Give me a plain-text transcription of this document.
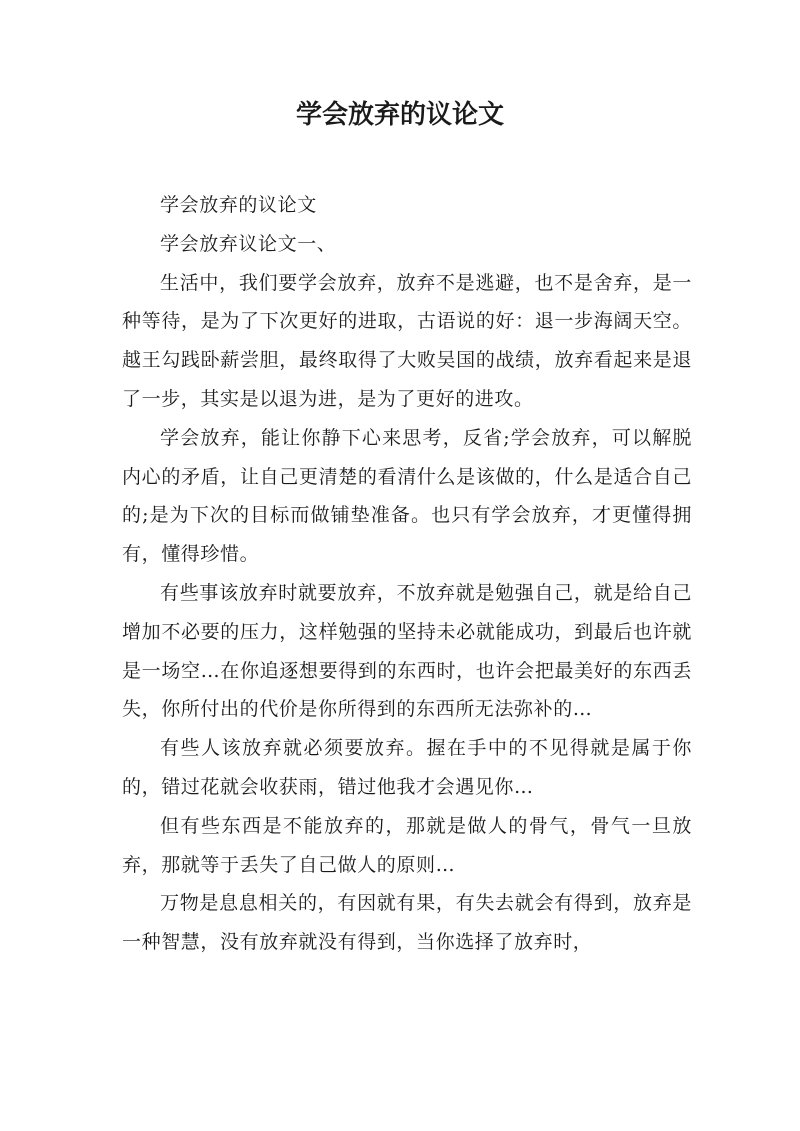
学会放弃的议论文

学会放弃的议论文

学会放弃议论文一、

生活中，我们要学会放弃，放弃不是逃避，也不是舍弃，是一种等待，是为了下次更好的进取，古语说的好：退一步海阔天空。越王勾践卧薪尝胆，最终取得了大败吴国的战绩，放弃看起来是退了一步，其实是以退为进，是为了更好的进攻。

学会放弃，能让你静下心来思考，反省;学会放弃，可以解脱内心的矛盾，让自己更清楚的看清什么是该做的，什么是适合自己的;是为下次的目标而做铺垫准备。也只有学会放弃，才更懂得拥有，懂得珍惜。

有些事该放弃时就要放弃，不放弃就是勉强自己，就是给自己增加不必要的压力，这样勉强的坚持未必就能成功，到最后也许就是一场空…在你追逐想要得到的东西时，也许会把最美好的东西丢失，你所付出的代价是你所得到的东西所无法弥补的…

有些人该放弃就必须要放弃。握在手中的不见得就是属于你的，错过花就会收获雨，错过他我才会遇见你…

但有些东西是不能放弃的，那就是做人的骨气，骨气一旦放弃，那就等于丢失了自己做人的原则…

万物是息息相关的，有因就有果，有失去就会有得到，放弃是一种智慧，没有放弃就没有得到，当你选择了放弃时，
